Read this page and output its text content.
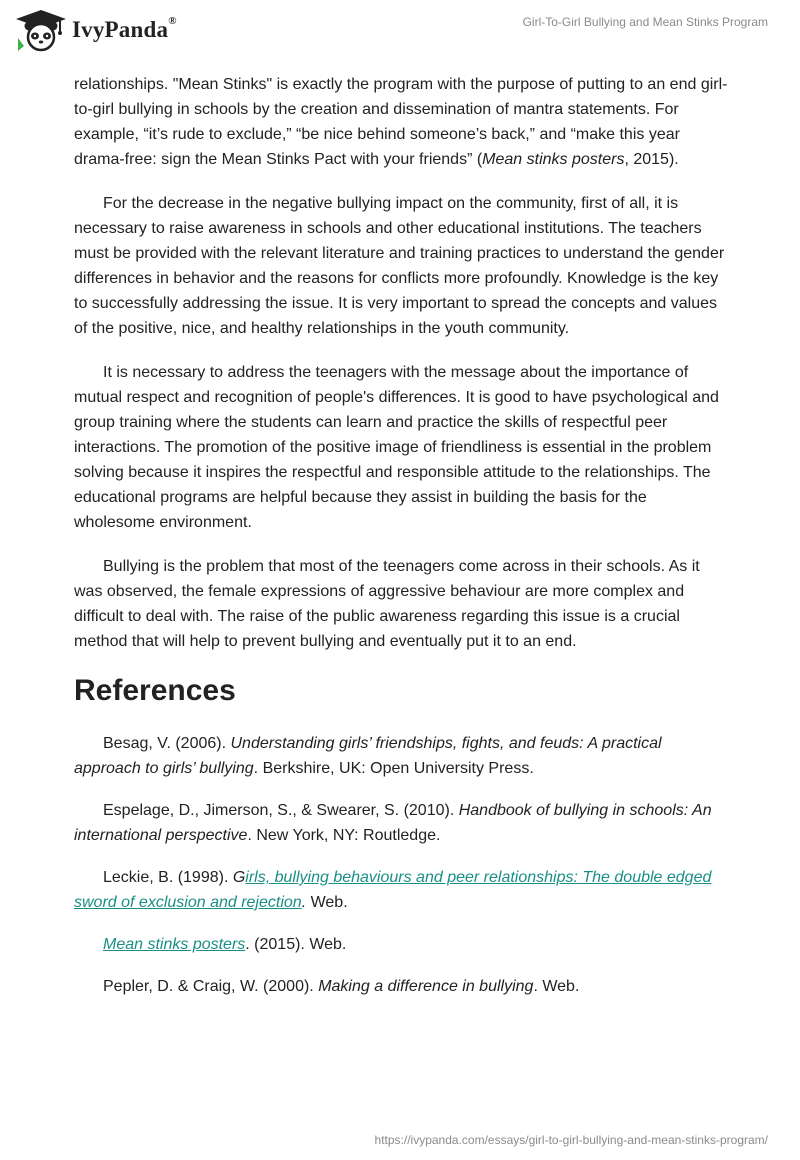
IvyPanda®	Girl-To-Girl Bullying and Mean Stinks Program

relationships. "Mean Stinks" is exactly the program with the purpose of putting to an end girl-to-girl bullying in schools by the creation and dissemination of mantra statements. For example, “it’s rude to exclude,” “be nice behind someone’s back,” and “make this year drama-free: sign the Mean Stinks Pact with your friends” (Mean stinks posters, 2015).

For the decrease in the negative bullying impact on the community, first of all, it is necessary to raise awareness in schools and other educational institutions. The teachers must be provided with the relevant literature and training practices to understand the gender differences in behavior and the reasons for conflicts more profoundly. Knowledge is the key to successfully addressing the issue. It is very important to spread the concepts and values of the positive, nice, and healthy relationships in the youth community.

It is necessary to address the teenagers with the message about the importance of mutual respect and recognition of people's differences. It is good to have psychological and group training where the students can learn and practice the skills of respectful peer interactions. The promotion of the positive image of friendliness is essential in the problem solving because it inspires the respectful and responsible attitude to the relationships. The educational programs are helpful because they assist in building the basis for the wholesome environment.

Bullying is the problem that most of the teenagers come across in their schools. As it was observed, the female expressions of aggressive behaviour are more complex and difficult to deal with. The raise of the public awareness regarding this issue is a crucial method that will help to prevent bullying and eventually put it to an end.

References
Besag, V. (2006). Understanding girls’ friendships, fights, and feuds: A practical approach to girls’ bullying. Berkshire, UK: Open University Press.
Espelage, D., Jimerson, S., & Swearer, S. (2010). Handbook of bullying in schools: An international perspective. New York, NY: Routledge.
Leckie, B. (1998). Girls, bullying behaviours and peer relationships: The double edged sword of exclusion and rejection. Web.
Mean stinks posters. (2015). Web.
Pepler, D. & Craig, W. (2000). Making a difference in bullying. Web.
https://ivypanda.com/essays/girl-to-girl-bullying-and-mean-stinks-program/
